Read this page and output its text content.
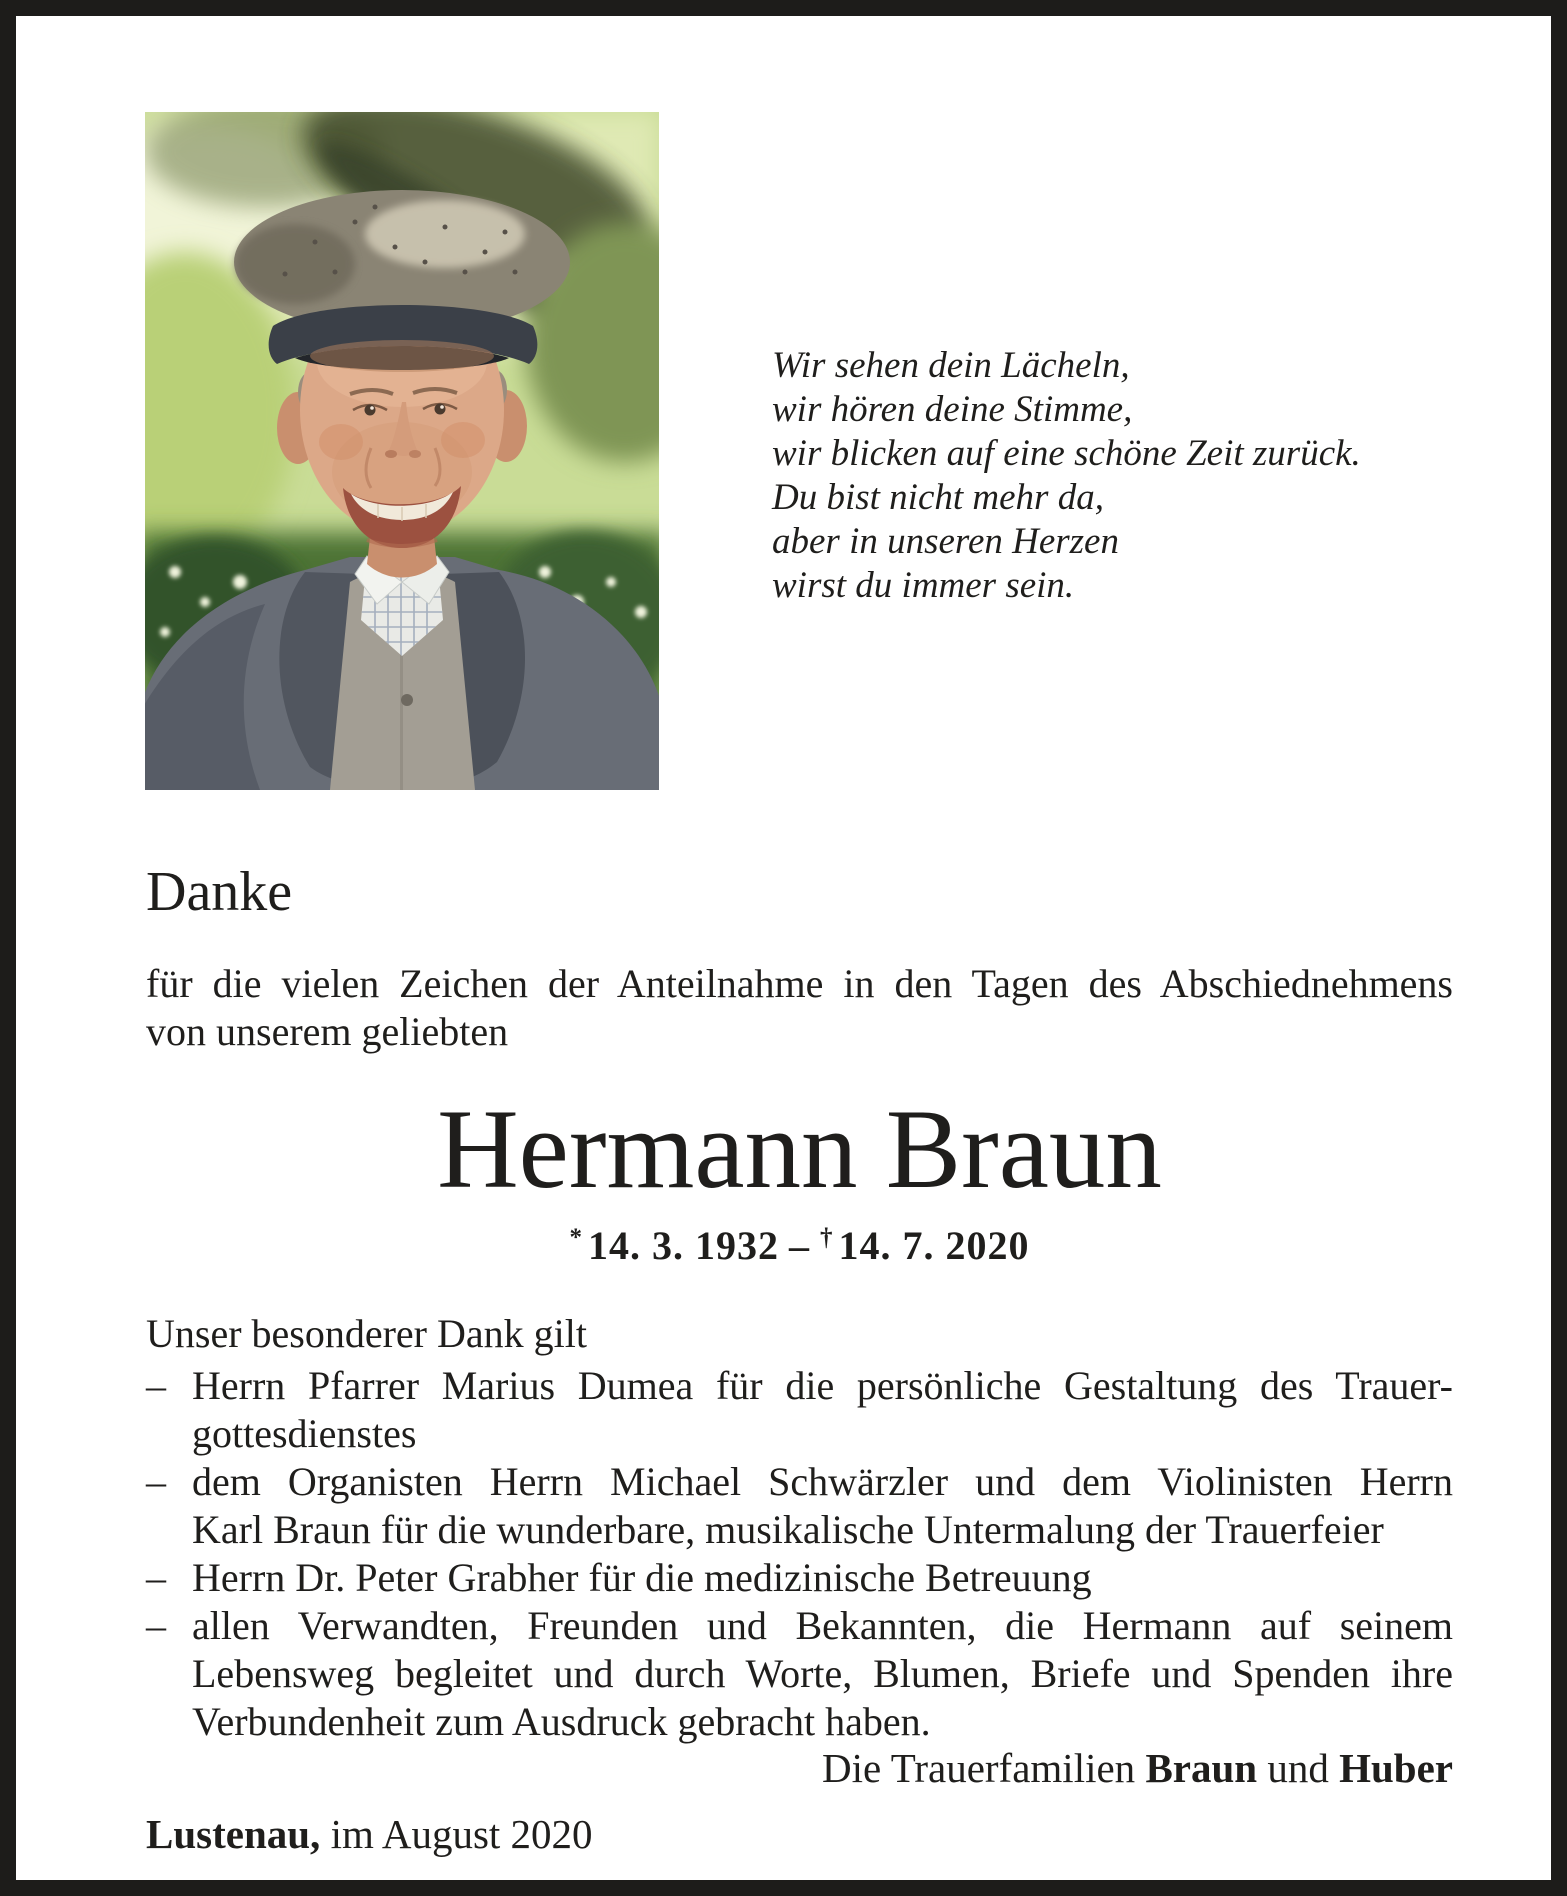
Wir sehen dein Lächeln,
wir hören deine Stimme,
wir blicken auf eine schöne Zeit zurück.
Du bist nicht mehr da,
aber in unseren Herzen
wirst du immer sein.
Danke
für die vielen Zeichen der Anteilnahme in den Tagen des Abschiednehmens
von unserem geliebten
Hermann Braun
* 14. 3. 1932 – † 14. 7. 2020
Unser besonderer Dank gilt
– Herrn Pfarrer Marius Dumea für die persönliche Gestaltung des Trauer-
gottesdienstes
– dem Organisten Herrn Michael Schwärzler und dem Violinisten Herrn
Karl Braun für die wunderbare, musikalische Untermalung der Trauerfeier
– Herrn Dr. Peter Grabher für die medizinische Betreuung
– allen Verwandten, Freunden und Bekannten, die Hermann auf seinem
Lebensweg begleitet und durch Worte, Blumen, Briefe und Spenden ihre
Verbundenheit zum Ausdruck gebracht haben.
Die Trauerfamilien Braun und Huber
Lustenau, im August 2020
